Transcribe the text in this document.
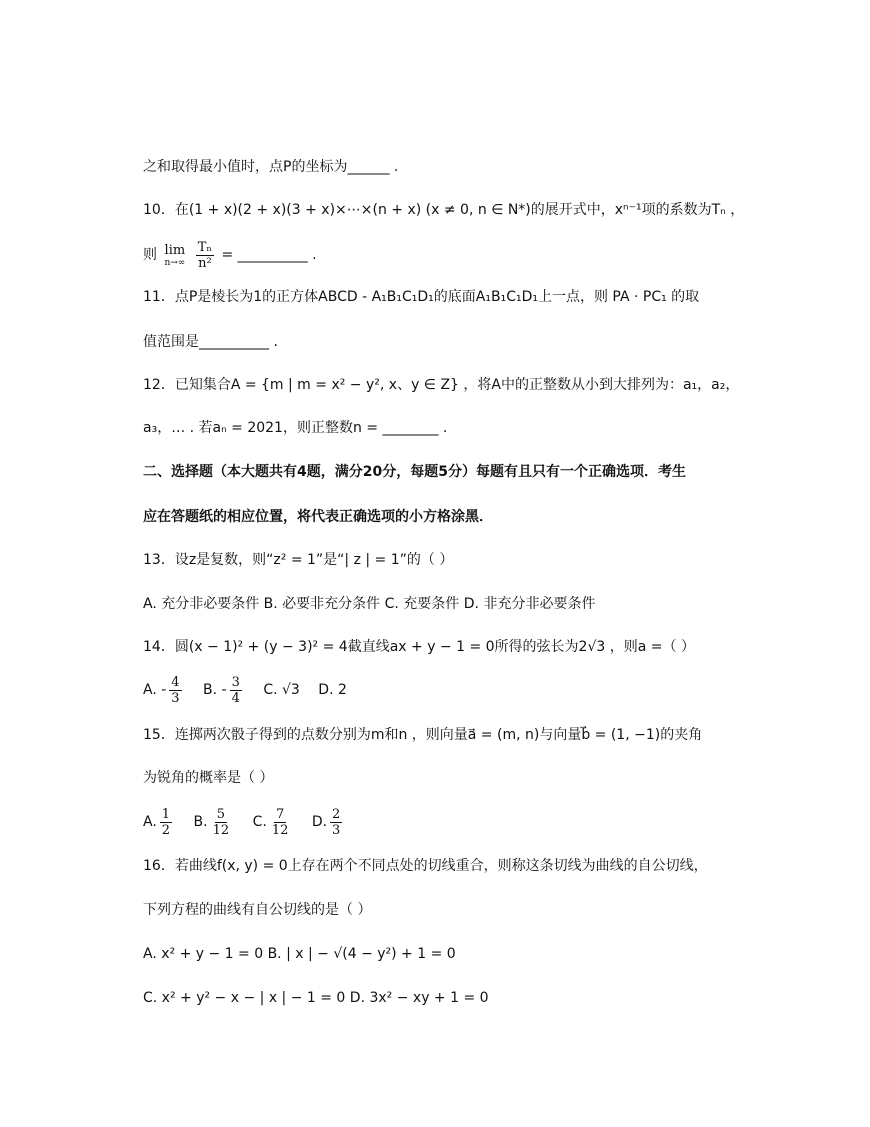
之和取得最小值时，点P的坐标为______ .
10．在(1 + x)(2 + x)(3 + x)×⋯×(n + x) (x ≠ 0, n ∈ N*)的展开式中，xⁿ⁻¹项的系数为Tₙ ，
则 lim
n→∞
$\frac{\text{Tₙ}}{\text{n²}}$ = __________ .
11．点P是棱长为1的正方体ABCD - A₁B₁C₁D₁的底面A₁B₁C₁D₁上一点，则 PA · PC₁ 的取
值范围是__________ .
12．已知集合A = {m | m = x² − y², x、y ∈ Z} ，将A中的正整数从小到大排列为：a₁，a₂，
a₃，… . 若aₙ = 2021，则正整数n = ________ .
二、选择题（本大题共有4题，满分20分，每题5分）每题有且只有一个正确选项．考生
应在答题纸的相应位置，将代表正确选项的小方格涂黑．
13．设z是复数，则“z² = 1”是“| z | = 1”的（ ）
A. 充分非必要条件 B. 必要非充分条件 C. 充要条件 D. 非充分非必要条件
14．圆(x − 1)² + (y − 3)² = 4截直线ax + y − 1 = 0所得的弦长为2√3 ，则a =（ ）
A. - $\frac{4}{3} B$. - $\frac{3}{4} C$. √3 D. 2
15．连掷两次骰子得到的点数分别为m和n ，则向量a⃗ = (m, n)与向量b⃗ = (1, −1)的夹角
为锐角的概率是（ ）
A. $\frac{1}{2} B$. $\frac{5}{12} C$. $\frac{7}{12} D$. $\frac{2}{3}$
16．若曲线f(x, y) = 0上存在两个不同点处的切线重合，则称这条切线为曲线的自公切线，
下列方程的曲线有自公切线的是（ ）
A. x² + y − 1 = 0 B. | x | − √(4 − y²) + 1 = 0
C. x² + y² − x − | x | − 1 = 0 D. 3x² − xy + 1 = 0
